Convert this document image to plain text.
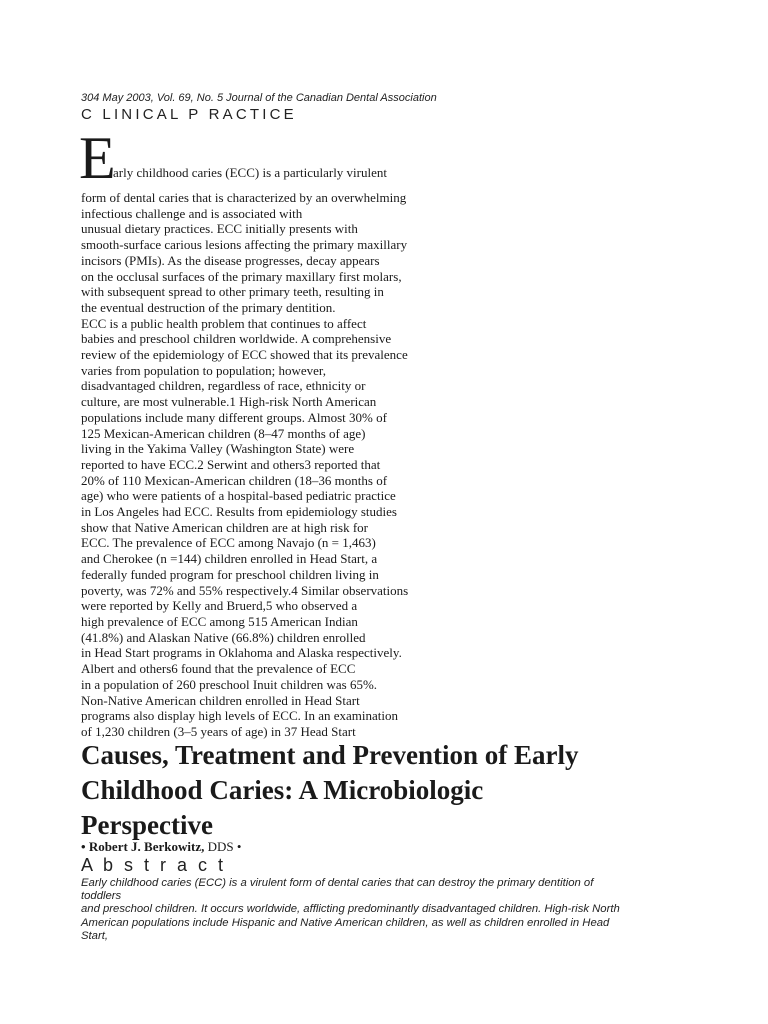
304 May 2003, Vol. 69, No. 5 Journal of the Canadian Dental Association
C LINICAL P RACTICE
E
arly childhood caries (ECC) is a particularly virulent
form of dental caries that is characterized by an overwhelming
infectious challenge and is associated with
unusual dietary practices. ECC initially presents with
smooth-surface carious lesions affecting the primary maxillary
incisors (PMIs). As the disease progresses, decay appears
on the occlusal surfaces of the primary maxillary first molars,
with subsequent spread to other primary teeth, resulting in
the eventual destruction of the primary dentition.
ECC is a public health problem that continues to affect
babies and preschool children worldwide. A comprehensive
review of the epidemiology of ECC showed that its prevalence
varies from population to population; however,
disadvantaged children, regardless of race, ethnicity or
culture, are most vulnerable.1 High-risk North American
populations include many different groups. Almost 30% of
125 Mexican-American children (8–47 months of age)
living in the Yakima Valley (Washington State) were
reported to have ECC.2 Serwint and others3 reported that
20% of 110 Mexican-American children (18–36 months of
age) who were patients of a hospital-based pediatric practice
in Los Angeles had ECC. Results from epidemiology studies
show that Native American children are at high risk for
ECC. The prevalence of ECC among Navajo (n = 1,463)
and Cherokee (n =144) children enrolled in Head Start, a
federally funded program for preschool children living in
poverty, was 72% and 55% respectively.4 Similar observations
were reported by Kelly and Bruerd,5 who observed a
high prevalence of ECC among 515 American Indian
(41.8%) and Alaskan Native (66.8%) children enrolled
in Head Start programs in Oklahoma and Alaska respectively.
Albert and others6 found that the prevalence of ECC
in a population of 260 preschool Inuit children was 65%.
Non-Native American children enrolled in Head Start
programs also display high levels of ECC. In an examination
of 1,230 children (3–5 years of age) in 37 Head Start
Causes, Treatment and Prevention of Early
Childhood Caries: A Microbiologic
Perspective
• Robert J. Berkowitz, DDS •
A b s t r a c t
Early childhood caries (ECC) is a virulent form of dental caries that can destroy the primary dentition of
toddlers
and preschool children. It occurs worldwide, afflicting predominantly disadvantaged children. High-risk North
American populations include Hispanic and Native American children, as well as children enrolled in Head
Start,
